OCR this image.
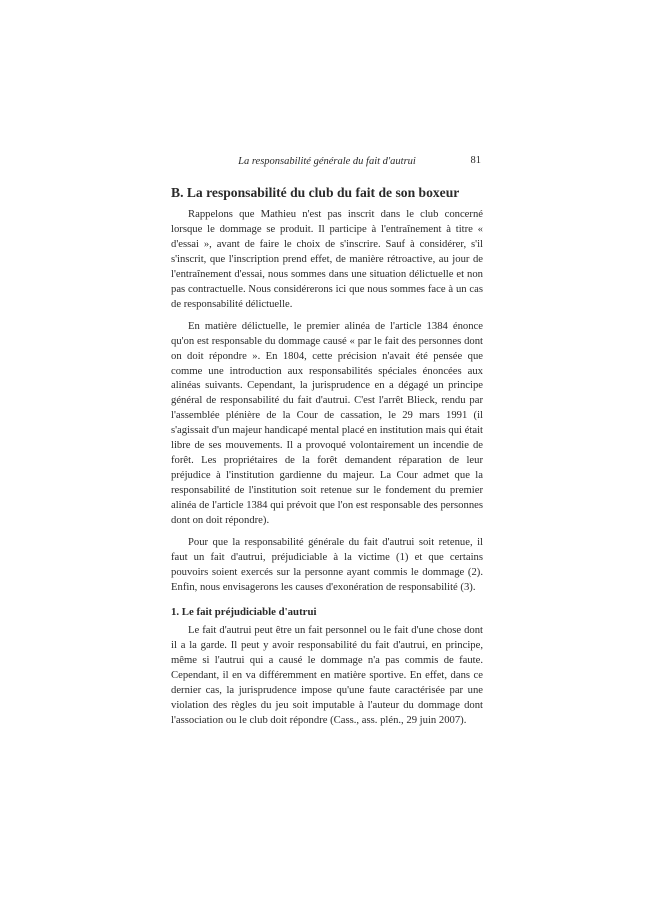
La responsabilité générale du fait d'autrui	81
B. La responsabilité du club du fait de son boxeur

Rappelons que Mathieu n'est pas inscrit dans le club concerné lorsque le dommage se produit. Il participe à l'entraînement à titre « d'essai », avant de faire le choix de s'inscrire. Sauf à considérer, s'il s'inscrit, que l'inscription prend effet, de manière rétroactive, au jour de l'entraînement d'essai, nous sommes dans une situation délictuelle et non pas contractuelle. Nous considérerons ici que nous sommes face à un cas de responsabilité délictuelle.

En matière délictuelle, le premier alinéa de l'article 1384 énonce qu'on est responsable du dommage causé « par le fait des personnes dont on doit répondre ». En 1804, cette précision n'avait été pensée que comme une introduction aux responsabilités spéciales énoncées aux alinéas suivants. Cependant, la jurisprudence en a dégagé un principe général de responsabilité du fait d'autrui. C'est l'arrêt Blieck, rendu par l'assemblée plénière de la Cour de cassation, le 29 mars 1991 (il s'agissait d'un majeur handicapé mental placé en institution mais qui était libre de ses mouvements. Il a provoqué volontairement un incendie de forêt. Les propriétaires de la forêt demandent réparation de leur préjudice à l'institution gardienne du majeur. La Cour admet que la responsabilité de l'institution soit retenue sur le fondement du premier alinéa de l'article 1384 qui prévoit que l'on est responsable des personnes dont on doit répondre).

Pour que la responsabilité générale du fait d'autrui soit retenue, il faut un fait d'autrui, préjudiciable à la victime (1) et que certains pouvoirs soient exercés sur la personne ayant commis le dommage (2). Enfin, nous envisagerons les causes d'exonération de responsabilité (3).

1. Le fait préjudiciable d'autrui

Le fait d'autrui peut être un fait personnel ou le fait d'une chose dont il a la garde. Il peut y avoir responsabilité du fait d'autrui, en principe, même si l'autrui qui a causé le dommage n'a pas commis de faute. Cependant, il en va différemment en matière sportive. En effet, dans ce dernier cas, la jurisprudence impose qu'une faute caractérisée par une violation des règles du jeu soit imputable à l'auteur du dommage dont l'association ou le club doit répondre (Cass., ass. plén., 29 juin 2007).
